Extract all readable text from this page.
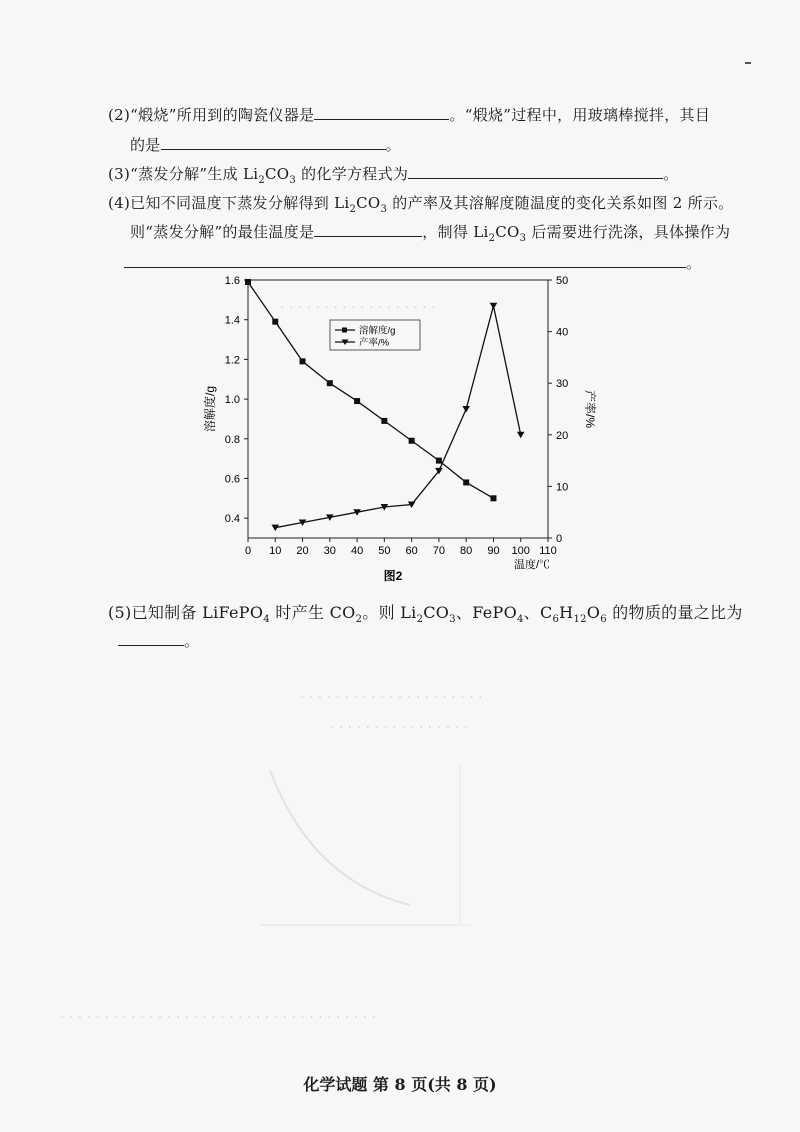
· · · · · · · · · · · · · · · · · ·
· · · · · · · · · · · · · · · · · · · · ·
· · · · · · · · · · · · · · · ·
· · · · · · · · · · · · · · · · · · · · · · · · · · · · · · · · · · · ·
(2)“煅烧”所用到的陶瓷仪器是	。“煅烧”过程中，用玻璃棒搅拌，其目
的是	。
(3)“蒸发分解”生成 $Li_2CO_3$ 的化学方程式为	。
(4)已知不同温度下蒸发分解得到 $Li_2CO_3$ 的产率及其溶解度随温度的变化关系如图 2 所示。
则“蒸发分解”的最佳温度是	，制得 $Li_2CO_3$ 后需要进行洗涤，具体操作为
。
0 10 20 30 40 50 60 70 80 90 100 110
0.4
0.6
0.8
1.0
1.2
1.4
1.6
0
10
20
30
40
50
溶解度/g	产率/%
温度/℃
图2
溶解度/g
产率/%
(5)已知制备 LiFePO$_4$ 时产生 $CO_2$。则 $Li_2CO_3$、FePO$_4$、$C_6H_{12}O_6$ 的物质的量之比为
。
化学试题 第 8 页(共 8 页)
